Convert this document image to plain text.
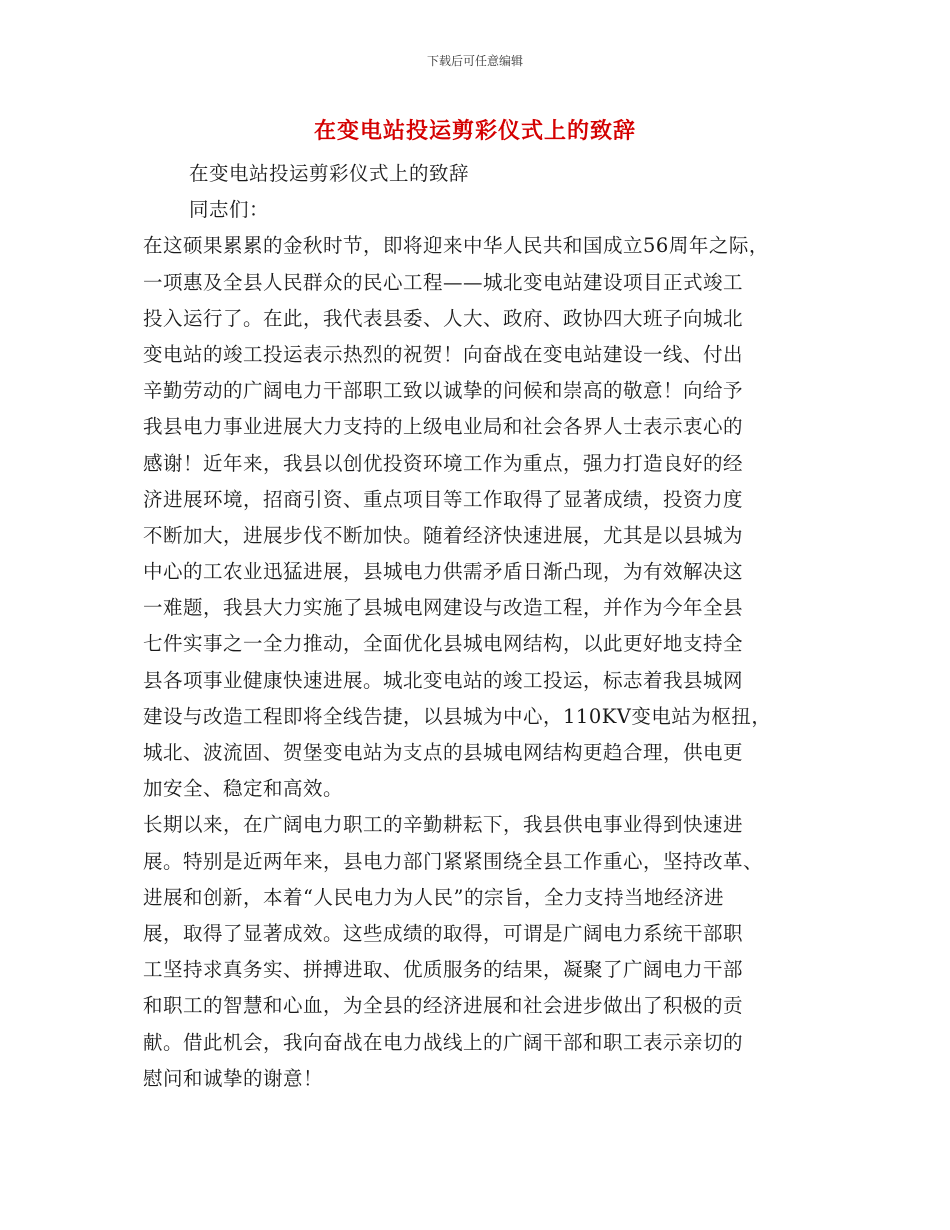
下载后可任意编辑
在变电站投运剪彩仪式上的致辞
在变电站投运剪彩仪式上的致辞
同志们：
在这硕果累累的金秋时节，即将迎来中华人民共和国成立56周年之际，
一项惠及全县人民群众的民心工程——城北变电站建设项目正式竣工
投入运行了。在此，我代表县委、人大、政府、政协四大班子向城北
变电站的竣工投运表示热烈的祝贺！向奋战在变电站建设一线、付出
辛勤劳动的广阔电力干部职工致以诚挚的问候和崇高的敬意！向给予
我县电力事业进展大力支持的上级电业局和社会各界人士表示衷心的
感谢！近年来，我县以创优投资环境工作为重点，强力打造良好的经
济进展环境，招商引资、重点项目等工作取得了显著成绩，投资力度
不断加大，进展步伐不断加快。随着经济快速进展，尤其是以县城为
中心的工农业迅猛进展，县城电力供需矛盾日渐凸现，为有效解决这
一难题，我县大力实施了县城电网建设与改造工程，并作为今年全县
七件实事之一全力推动，全面优化县城电网结构，以此更好地支持全
县各项事业健康快速进展。城北变电站的竣工投运，标志着我县城网
建设与改造工程即将全线告捷，以县城为中心，110KV变电站为枢扭，
城北、波流固、贺堡变电站为支点的县城电网结构更趋合理，供电更
加安全、稳定和高效。
长期以来，在广阔电力职工的辛勤耕耘下，我县供电事业得到快速进
展。特别是近两年来，县电力部门紧紧围绕全县工作重心，坚持改革、
进展和创新，本着“人民电力为人民”的宗旨，全力支持当地经济进
展，取得了显著成效。这些成绩的取得，可谓是广阔电力系统干部职
工坚持求真务实、拼搏进取、优质服务的结果，凝聚了广阔电力干部
和职工的智慧和心血，为全县的经济进展和社会进步做出了积极的贡
献。借此机会，我向奋战在电力战线上的广阔干部和职工表示亲切的
慰问和诚挚的谢意！
